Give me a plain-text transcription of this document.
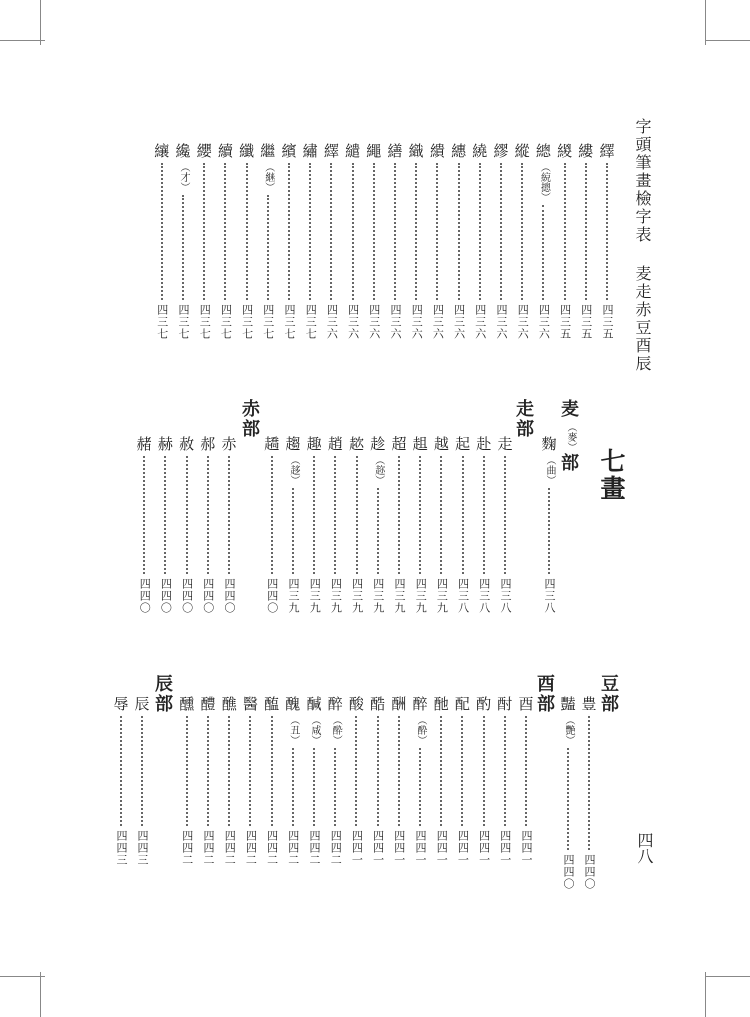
字頭筆畫檢字表 麦走赤豆酉辰
四八
七畫
麦
（麥）
部
走
部
赤
部
豆
部
酉
部
辰
部
繹
四三五
縷
四三五
緵
四三五
總
（綂摠）
四三六
縱
四三六
繆
四三六
繞
四三六
繐
四三六
繢
四三六
織
四三六
繕
四三六
繩
四三六
繾
四三六
繹
四三六
繡
四三七
繽
四三七
繼
（継）
四三七
纖
四三七
續
四三七
纓
四三七
纔
（才）
四三七
纕
四三七
麴
（曲）
四三八
走
四三八
赴
四三八
起
四三八
越
四三九
趄
四三九
超
四三九
趁
（趂）
四三九
趑
四三九
趙
四三九
趣
四三九
趨
（趍）
四三九
趫
四四〇
赤
四四〇
郝
四四〇
赦
四四〇
赫
四四〇
赭
四四〇
豊
四四〇
豔
（艷）
四四〇
酉
四四一
酎
四四一
酌
四四一
配
四四一
酏
四四一
醉
（酔）
四四一
酬
四四一
酷
四四一
酸
四四一
醉
（酔）
四四二
醎
（咸）
四四二
醜
（丑）
四四二
醢
四四二
醫
四四二
醮
四四二
醴
四四二
醺
四四二
辰
四四三
辱
四四三
